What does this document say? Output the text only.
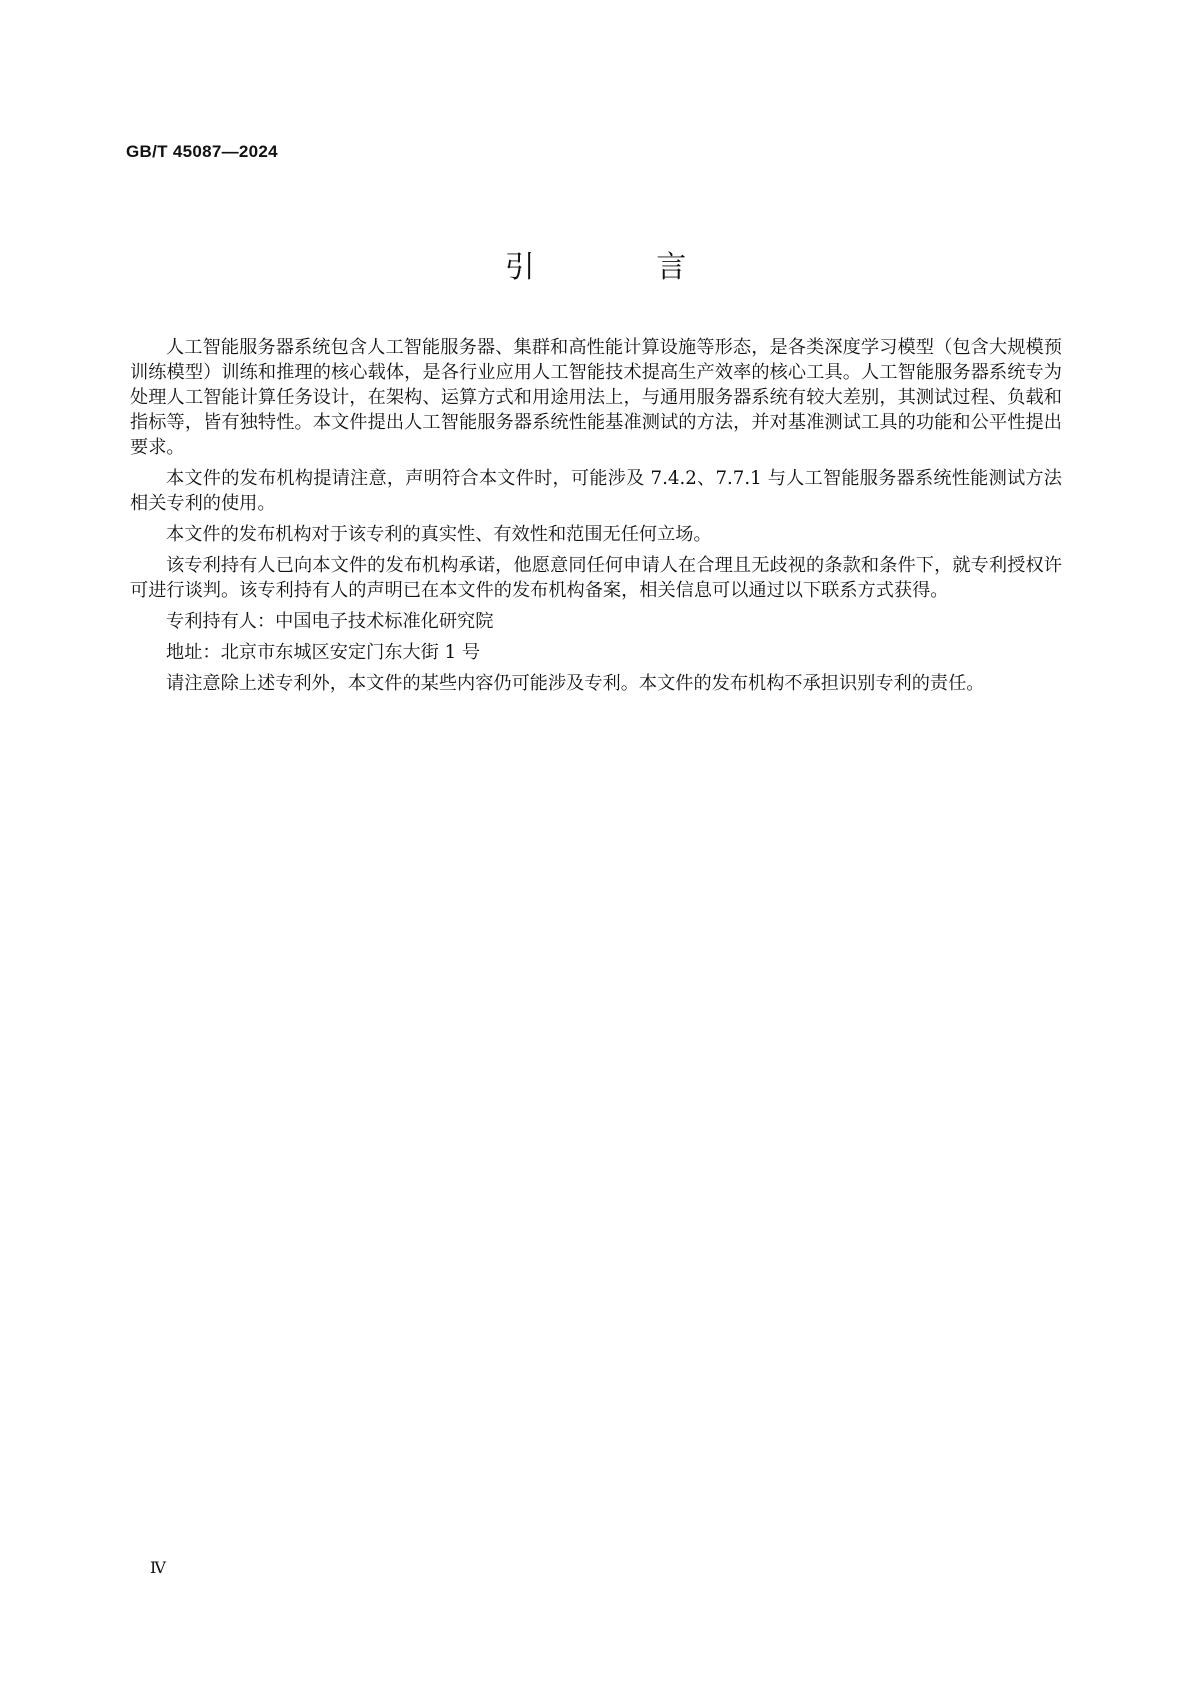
GB/T 45087—2024
引 言

人工智能服务器系统包含人工智能服务器、集群和高性能计算设施等形态，是各类深度学习模型（包含大规模预训练模型）训练和推理的核心载体，是各行业应用人工智能技术提高生产效率的核心工具。人工智能服务器系统专为处理人工智能计算任务设计，在架构、运算方式和用途用法上，与通用服务器系统有较大差别，其测试过程、负载和指标等，皆有独特性。本文件提出人工智能服务器系统性能基准测试的方法，并对基准测试工具的功能和公平性提出要求。

本文件的发布机构提请注意，声明符合本文件时，可能涉及 7.4.2、7.7.1 与人工智能服务器系统性能测试方法相关专利的使用。

本文件的发布机构对于该专利的真实性、有效性和范围无任何立场。

该专利持有人已向本文件的发布机构承诺，他愿意同任何申请人在合理且无歧视的条款和条件下，就专利授权许可进行谈判。该专利持有人的声明已在本文件的发布机构备案，相关信息可以通过以下联系方式获得。

专利持有人：中国电子技术标准化研究院

地址：北京市东城区安定门东大街 1 号

请注意除上述专利外，本文件的某些内容仍可能涉及专利。本文件的发布机构不承担识别专利的责任。

Ⅳ
